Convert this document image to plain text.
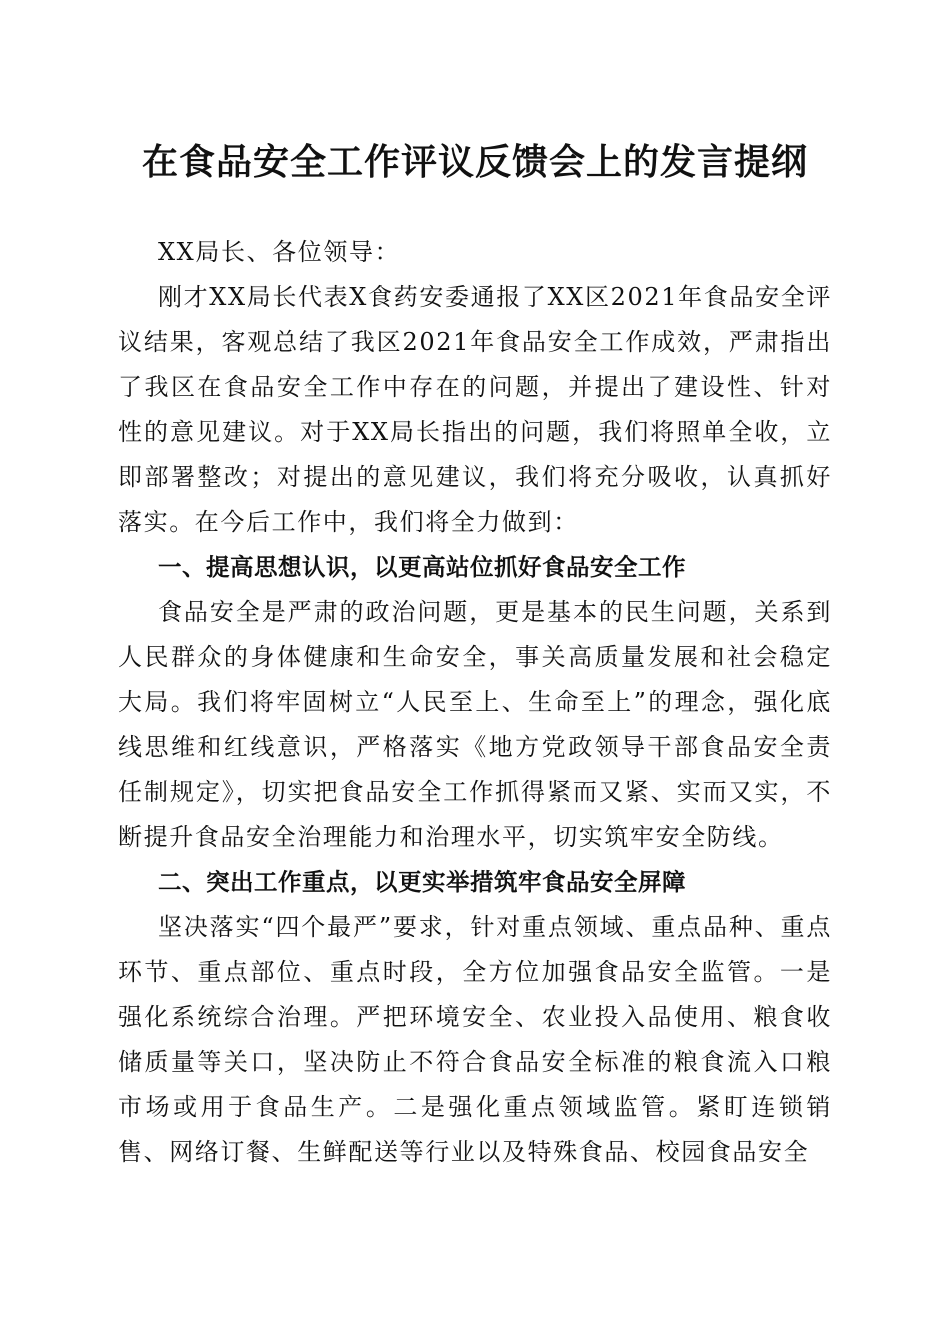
在食品安全工作评议反馈会上的发言提纲

XX局长、各位领导：

刚才XX局长代表X食药安委通报了XX区2021年食品安全评议结果，客观总结了我区2021年食品安全工作成效，严肃指出了我区在食品安全工作中存在的问题，并提出了建设性、针对性的意见建议。对于XX局长指出的问题，我们将照单全收，立即部署整改；对提出的意见建议，我们将充分吸收，认真抓好落实。在今后工作中，我们将全力做到：

一、提高思想认识，以更高站位抓好食品安全工作

食品安全是严肃的政治问题，更是基本的民生问题，关系到人民群众的身体健康和生命安全，事关高质量发展和社会稳定大局。我们将牢固树立“人民至上、生命至上”的理念，强化底线思维和红线意识，严格落实《地方党政领导干部食品安全责任制规定》，切实把食品安全工作抓得紧而又紧、实而又实，不断提升食品安全治理能力和治理水平，切实筑牢安全防线。

二、突出工作重点，以更实举措筑牢食品安全屏障

坚决落实“四个最严”要求，针对重点领域、重点品种、重点环节、重点部位、重点时段，全方位加强食品安全监管。一是强化系统综合治理。严把环境安全、农业投入品使用、粮食收储质量等关口，坚决防止不符合食品安全标准的粮食流入口粮市场或用于食品生产。二是强化重点领域监管。紧盯连锁销售、网络订餐、生鲜配送等行业以及特殊食品、校园食品安全
